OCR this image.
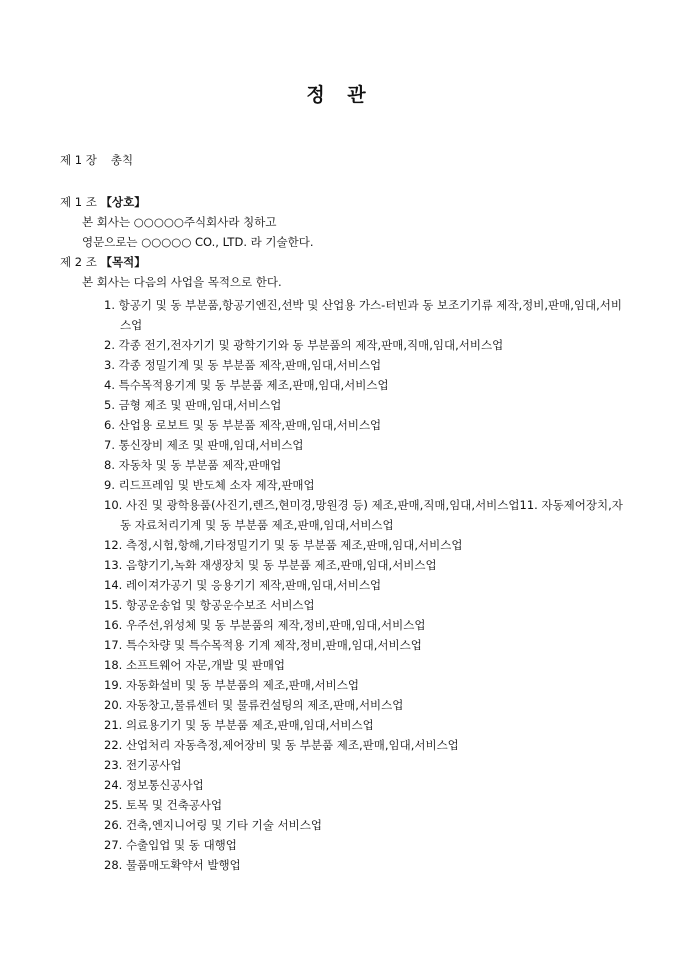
정 관
제 1 장 총칙
제 1 조 【상호】
본 회사는 ○○○○○주식회사라 칭하고
영문으로는 ○○○○○ CO., LTD. 라 기술한다.
제 2 조 【목적】
본 회사는 다음의 사업을 목적으로 한다.
1. 항공기 및 동 부분품,항공기엔진,선박 및 산업용 가스-터빈과 동 보조기기류 제작,정비,판매,임대,서비스업
2. 각종 전기,전자기기 및 광학기기와 동 부분품의 제작,판매,직매,임대,서비스업
3. 각종 정밀기계 및 동 부분품 제작,판매,임대,서비스업
4. 특수목적용기계 및 동 부분품 제조,판매,임대,서비스업
5. 금형 제조 및 판매,임대,서비스업
6. 산업용 로보트 및 동 부분품 제작,판매,임대,서비스업
7. 통신장비 제조 및 판매,임대,서비스업
8. 자동차 및 동 부분품 제작,판매업
9. 리드프레임 및 반도체 소자 제작,판매업
10. 사진 및 광학용품(사진기,렌즈,현미경,망원경 등) 제조,판매,직매,임대,서비스업11. 자동제어장치,자동 자료처리기계 및 동 부분품 제조,판매,임대,서비스업
12. 측정,시험,항해,기타정밀기기 및 동 부분품 제조,판매,임대,서비스업
13. 음향기기,녹화 재생장치 및 동 부분품 제조,판매,임대,서비스업
14. 레이져가공기 및 응용기기 제작,판매,임대,서비스업
15. 항공운송업 및 항공운수보조 서비스업
16. 우주선,위성체 및 동 부분품의 제작,정비,판매,임대,서비스업
17. 특수차량 및 특수목적용 기계 제작,정비,판매,임대,서비스업
18. 소프트웨어 자문,개발 및 판매업
19. 자동화설비 및 동 부분품의 제조,판매,서비스업
20. 자동창고,물류센터 및 물류컨설팅의 제조,판매,서비스업
21. 의료용기기 및 동 부분품 제조,판매,임대,서비스업
22. 산업처리 자동측정,제어장비 및 동 부분품 제조,판매,임대,서비스업
23. 전기공사업
24. 정보통신공사업
25. 토목 및 건축공사업
26. 건축,엔지니어링 및 기타 기술 서비스업
27. 수출입업 및 동 대행업
28. 물품매도확약서 발행업
